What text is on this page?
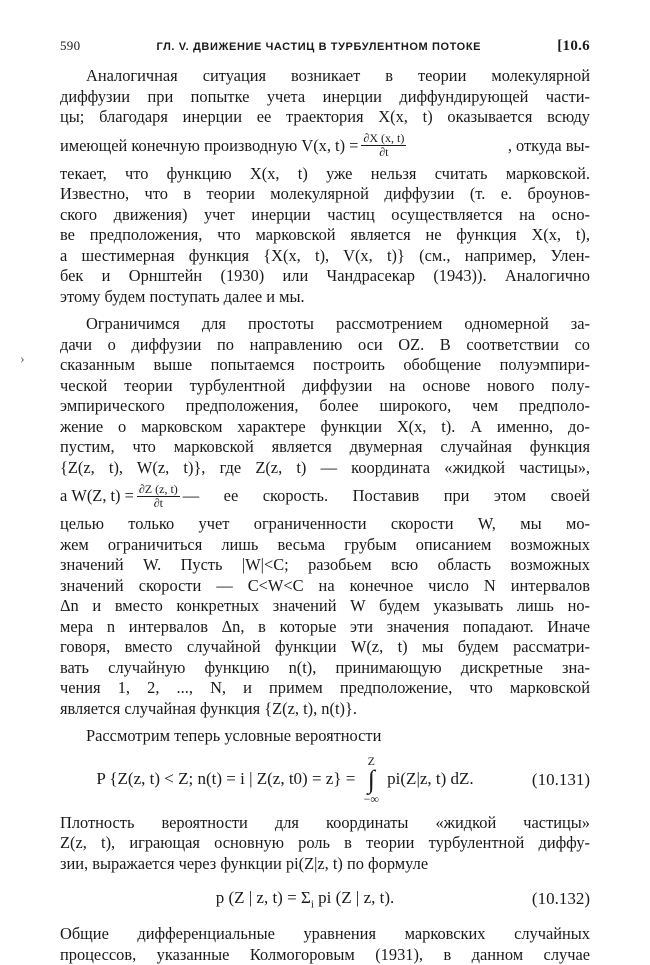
›
590	ГЛ. V. ДВИЖЕНИЕ ЧАСТИЦ В ТУРБУЛЕНТНОМ ПОТОКЕ	[10.6
Аналогичная ситуация возникает в теории молекулярной
диффузии при попытке учета инерции диффундирующей части-
цы; благодаря инерции ее траектория X(x, t) оказывается всюду
имеющей конечную производную V(x, $t) = \frac{\partial X (x, t)}{\partial t}$	, откуда вы-
текает, что функцию X(x, t) уже нельзя считать марковской.
Известно, что в теории молекулярной диффузии (т. е. броунов-
ского движения) учет инерции частиц осуществляется на осно-
ве предположения, что марковской является не функция X(x, t),
а шестимерная функция {X(x, t), V(x, t)} (см., например, Улен-
бек и Орнштейн (1930) или Чандрасекар (1943)). Аналогично
этому будем поступать далее и мы.
Ограничимся для простоты рассмотрением одномерной за-
дачи о диффузии по направлению оси OZ. В соответствии со
сказанным выше попытаемся построить обобщение полуэмпири-
ческой теории турбулентной диффузии на основе нового полу-
эмпирического предположения, более широкого, чем предполо-
жение о марковском характере функции X(x, t). А именно, до-
пустим, что марковской является двумерная случайная функция
{Z(z, t), W(z, t)}, где Z(z, t) — координата «жидкой частицы»,
а W(Z, $t) = \frac{\partial Z (z, t)}{\partial t}$ — ее скорость. Поставив при этом своей
целью только учет ограниченности скорости W, мы мо-
жем ограничиться лишь весьма грубым описанием возможных
значений W. Пусть |W|<C; разобьем всю область возможных
значений скорости — C<W<C на конечное число N интервалов
Δn и вместо конкретных значений W будем указывать лишь но-
мера n интервалов Δn, в которые эти значения попадают. Иначе
говоря, вместо случайной функции W(z, t) мы будем рассматри-
вать случайную функцию n(t), принимающую дискретные зна-
чения 1, 2, ..., N, и примем предположение, что марковской
является случайная функция {Z(z, t), n(t)}.
Рассмотрим теперь условные вероятности
P {Z(z, t) < Z; n(t) = i | Z(z, t0) = z} =
Z
∫
−∞
pi(Z|z, t) dZ.	(10.131)
Плотность вероятности для координаты «жидкой частицы»
Z(z, t), играющая основную роль в теории турбулентной диффу-
зии, выражается через функции pi(Z|z, t) по формуле
p (Z | z, $t) = \Sigma_i$ pi (Z | z, t).	(10.132)
Общие дифференциальные уравнения марковских случайных
процессов, указанные Колмогоровым (1931), в данном случае
